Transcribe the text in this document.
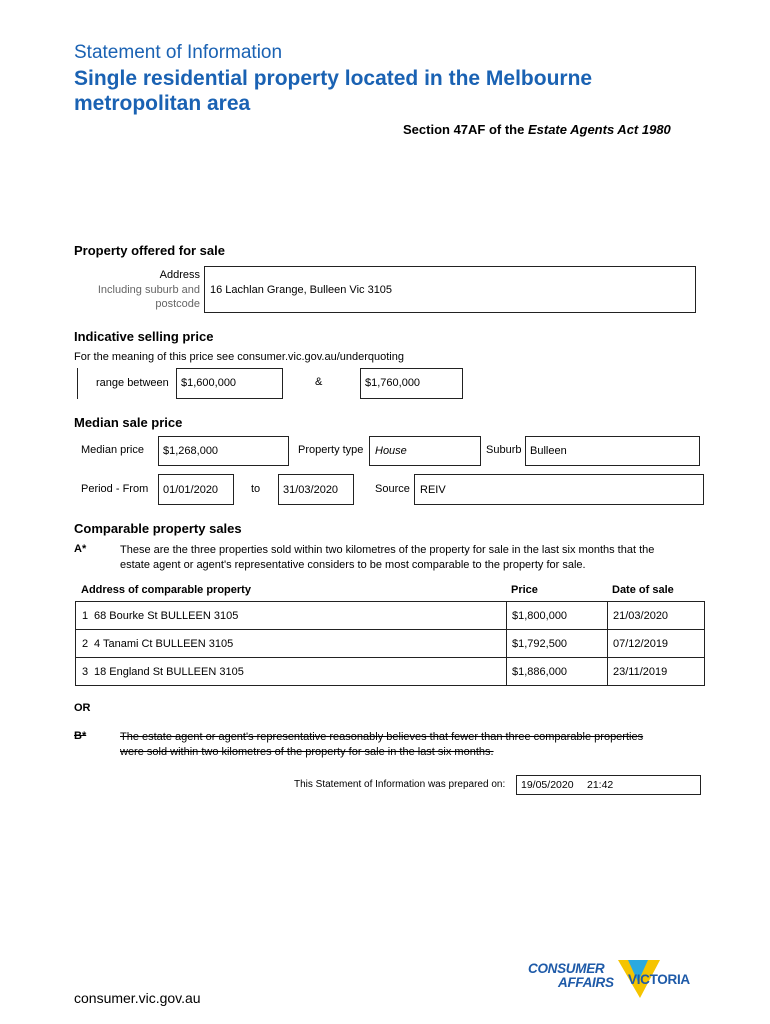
Statement of Information
Single residential property located in the Melbourne
metropolitan area
Section 47AF of the Estate Agents Act 1980
Property offered for sale
Address
Including suburb and
postcode
16 Lachlan Grange, Bulleen Vic 3105
Indicative selling price
For the meaning of this price see consumer.vic.gov.au/underquoting
range between $1,600,000	&	$1,760,000
Median sale price
Median price $1,268,000	Property type House	Suburb Bulleen
Period - From 01/01/2020	to 31/03/2020	Source REIV
Comparable property sales
A*	These are the three properties sold within two kilometres of the property for sale in the last six months that the
estate agent or agent's representative considers to be most comparable to the property for sale.
Address of comparable property	Price	Date of sale
1 68 Bourke St BULLEEN 3105	$1,800,000	21/03/2020
2 4 Tanami Ct BULLEEN 3105	$1,792,500	07/12/2019
3 18 England St BULLEEN 3105	$1,886,000	23/11/2019
OR
B*	The estate agent or agent's representative reasonably believes that fewer than three comparable properties
were sold within two kilometres of the property for sale in the last six months.
This Statement of Information was prepared on: 19/05/2020 21:42
consumer.vic.gov.au
CONSUMER
AFFAIRS VICTORIA
